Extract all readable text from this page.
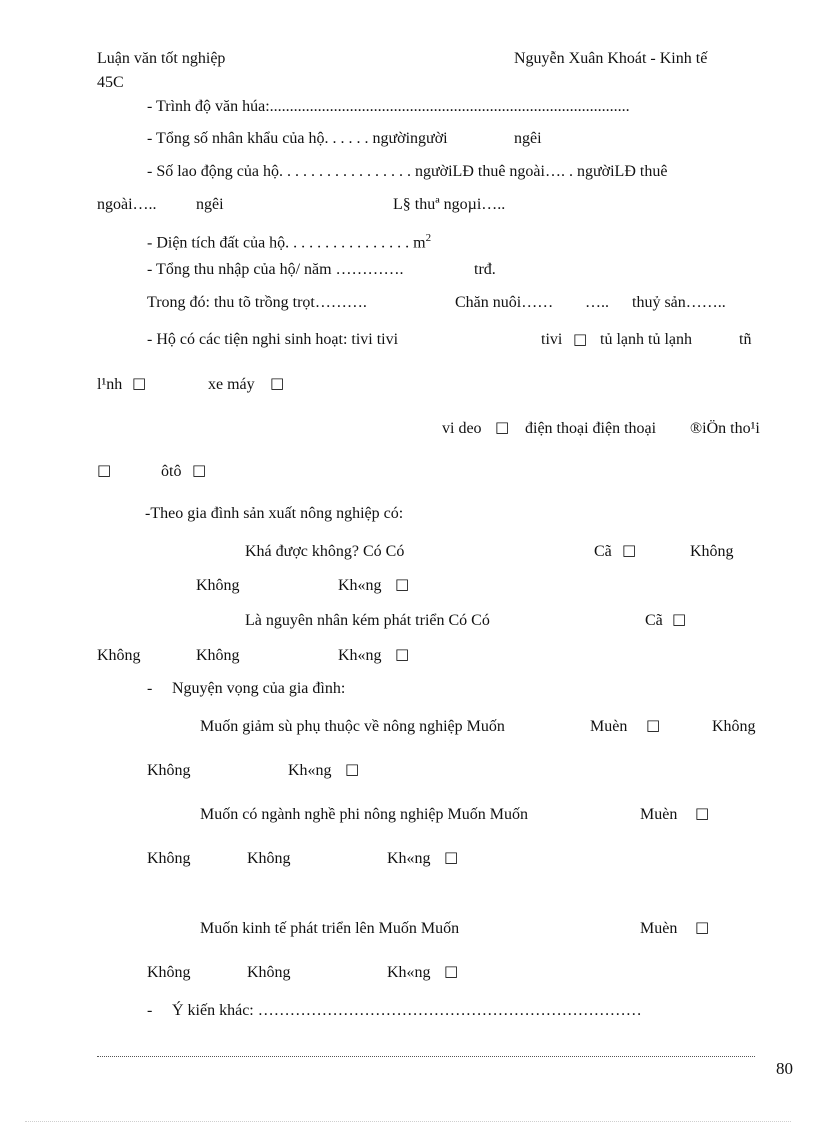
Luận văn tốt nghiệp	Nguyễn Xuân Khoát - Kinh tế
45C
- Trình độ văn húa:..........................................................................................
- Tổng số nhân khẩu của hộ. . . . . . ngườingười	ngêi
- Số lao động của hộ. . . . . . . . . . . . . . . . . ngườiLĐ thuê ngoài…. . ngườiLĐ thuê
ngoài….. ngêi	L§ thuª ngoµi…..
- Diện tích đất của hộ. . . . . . . . . . . . . . . . $m^2$
- Tổng thu nhập của hộ/ năm ………….	trđ.
Trong đó: thu tõ trồng trọt……….	Chăn nuôi…… ….. thuỷ sản……..
- Hộ có các tiện nghi sinh hoạt: tivi tivi	tivi □ tủ lạnh tủ lạnh	tñ
l¹nh □	xe máy □
vi deo □ điện thoại điện thoại ®iÖn tho¹i
□	ôtô □
-Theo gia đình sản xuất nông nghiệp có:
Khá được không? Có Có	Cã □	Không
Không	Kh«ng □
Là nguyên nhân kém phát triển Có Có	Cã □
Không	Không	Kh«ng □
- Nguyện vọng của gia đình:
Muốn giảm sù phụ thuộc về nông nghiệp Muốn	Muèn □	Không
Không	Kh«ng □
Muốn có ngành nghề phi nông nghiệp Muốn Muốn	Muèn □
Không	Không	Kh«ng □
Muốn kinh tế phát triển lên Muốn Muốn	Muèn □
Không	Không	Kh«ng □
- Ý kiến khác: ………………………………………………………………
80
